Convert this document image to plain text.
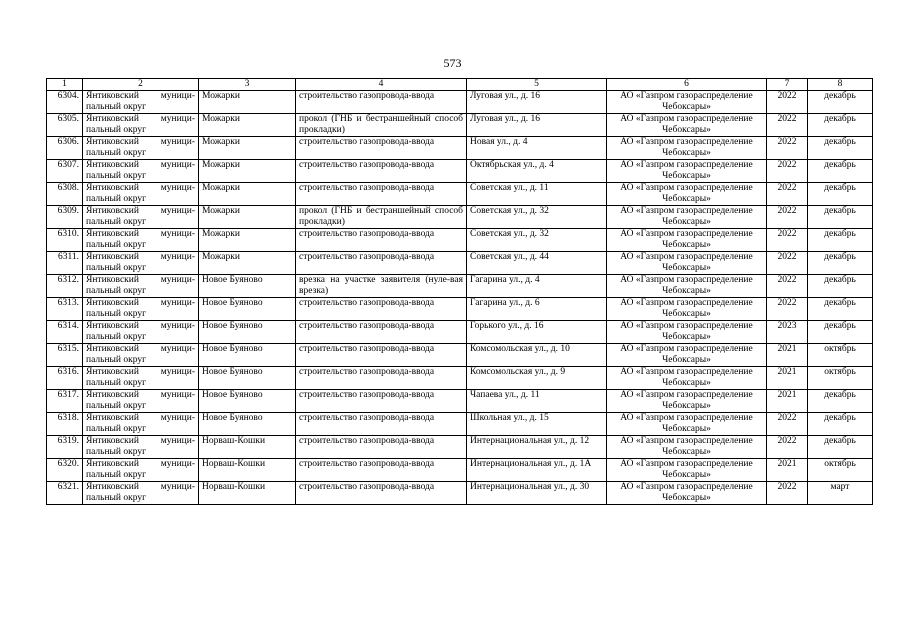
573
1	2	3	4	5	6	7	8
6304.	Янтиковский муници-пальный округ	Можарки	строительство газопровода-ввода	Луговая ул., д. 16	АО «Газпром газораспределение Чебоксары»	2022	декабрь
6305.	Янтиковский муници-пальный округ	Можарки	прокол (ГНБ и бестраншейный способ прокладки)	Луговая ул., д. 16	АО «Газпром газораспределение Чебоксары»	2022	декабрь
6306.	Янтиковский муници-пальный округ	Можарки	строительство газопровода-ввода	Новая ул., д. 4	АО «Газпром газораспределение Чебоксары»	2022	декабрь
6307.	Янтиковский муници-пальный округ	Можарки	строительство газопровода-ввода	Октябрьская ул., д. 4	АО «Газпром газораспределение Чебоксары»	2022	декабрь
6308.	Янтиковский муници-пальный округ	Можарки	строительство газопровода-ввода	Советская ул., д. 11	АО «Газпром газораспределение Чебоксары»	2022	декабрь
6309.	Янтиковский муници-пальный округ	Можарки	прокол (ГНБ и бестраншейный способ прокладки)	Советская ул., д. 32	АО «Газпром газораспределение Чебоксары»	2022	декабрь
6310.	Янтиковский муници-пальный округ	Можарки	строительство газопровода-ввода	Советская ул., д. 32	АО «Газпром газораспределение Чебоксары»	2022	декабрь
6311.	Янтиковский муници-пальный округ	Можарки	строительство газопровода-ввода	Советская ул., д. 44	АО «Газпром газораспределение Чебоксары»	2022	декабрь
6312.	Янтиковский муници-пальный округ	Новое Буяново	врезка на участке заявителя (нуле-вая врезка)	Гагарина ул., д. 4	АО «Газпром газораспределение Чебоксары»	2022	декабрь
6313.	Янтиковский муници-пальный округ	Новое Буяново	строительство газопровода-ввода	Гагарина ул., д. 6	АО «Газпром газораспределение Чебоксары»	2022	декабрь
6314.	Янтиковский муници-пальный округ	Новое Буяново	строительство газопровода-ввода	Горького ул., д. 16	АО «Газпром газораспределение Чебоксары»	2023	декабрь
6315.	Янтиковский муници-пальный округ	Новое Буяново	строительство газопровода-ввода	Комсомольская ул., д. 10	АО «Газпром газораспределение Чебоксары»	2021	октябрь
6316.	Янтиковский муници-пальный округ	Новое Буяново	строительство газопровода-ввода	Комсомольская ул., д. 9	АО «Газпром газораспределение Чебоксары»	2021	октябрь
6317.	Янтиковский муници-пальный округ	Новое Буяново	строительство газопровода-ввода	Чапаева ул., д. 11	АО «Газпром газораспределение Чебоксары»	2021	декабрь
6318.	Янтиковский муници-пальный округ	Новое Буяново	строительство газопровода-ввода	Школьная ул., д. 15	АО «Газпром газораспределение Чебоксары»	2022	декабрь
6319.	Янтиковский муници-пальный округ	Норваш-Кошки	строительство газопровода-ввода	Интернациональная ул., д. 12	АО «Газпром газораспределение Чебоксары»	2022	декабрь
6320.	Янтиковский муници-пальный округ	Норваш-Кошки	строительство газопровода-ввода	Интернациональная ул., д. 1А	АО «Газпром газораспределение Чебоксары»	2021	октябрь
6321.	Янтиковский муници-пальный округ	Норваш-Кошки	строительство газопровода-ввода	Интернациональная ул., д. 30	АО «Газпром газораспределение Чебоксары»	2022	март
